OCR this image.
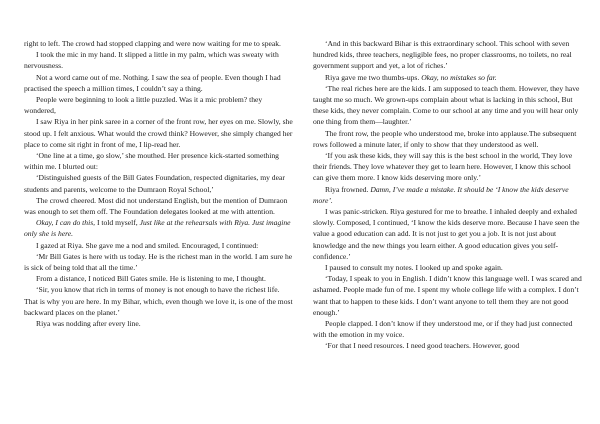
right to left. The crowd had stopped clapping and were now waiting for me to speak.

I took the mic in my hand. It slipped a little in my palm, which was sweaty with nervousness.

Not a word came out of me. Nothing. I saw the sea of people. Even though I had practised the speech a million times, I couldn’t say a thing.

People were beginning to look a little puzzled. Was it a mic problem? they wondered,

I saw Riya in her pink saree in a corner of the front row, her eyes on me. Slowly, she stood up. I felt anxious. What would the crowd think? However, she simply changed her place to come sit right in front of me, I lip-read her.

‘One line at a time, go slow,’ she mouthed. Her presence kick-started something within me. I blurted out:

‘Distinguished guests of the Bill Gates Foundation, respected dignitaries, my dear students and parents, welcome to the Dumraon Royal School,’

The crowd cheered. Most did not understand English, but the mention of Dumraon was enough to set them off. The Foundation delegates looked at me with attention.

Okay, I can do this, I told myself, Just like at the rehearsals with Riya. Just imagine only she is here.

I gazed at Riya. She gave me a nod and smiled. Encouraged, I continued:

‘Mr Bill Gates is here with us today. He is the richest man in the world. I am sure he is sick of being told that all the time.’

From a distance, I noticed Bill Gates smile. He is listening to me, I thought.

‘Sir, you know that rich in terms of money is not enough to have the richest life. That is why you are here. In my Bihar, which, even though we love it, is one of the most backward places on the planet.’

Riya was nodding after every line.

‘And in this backward Bihar is this extraordinary school. This school with seven hundred kids, three teachers, negligible fees, no proper classrooms, no toilets, no real government support and yet, a lot of riches.’

Riya gave me two thumbs-ups. Okay, no mistakes so far.

‘The real riches here are the kids. I am supposed to teach them. However, they have taught me so much. We grown-ups complain about what is lacking in this school, But these kids, they never complain. Come to our school at any time and you will hear only one thing from them—laughter.’

The front row, the people who understood me, broke into applause.The subsequent rows followed a minute later, if only to show that they understood as well.

‘If you ask these kids, they will say this is the best school in the world, They love their friends. They love whatever they get to learn here. However, I know this school can give them more. I know kids deserving more only.’

Riya frowned. Damn, I’ve made a mistake. It should be ‘I know the kids deserve more’.

I was panic-stricken. Riya gestured for me to breathe. I inhaled deeply and exhaled slowly. Composed, I continued, ‘I know the kids deserve more. Because I have seen the value a good education can add. It is not just to get you a job. It is not just about knowledge and the new things you learn either. A good education gives you self-confidence.’

I paused to consult my notes. I looked up and spoke again.

‘Today, I speak to you in English. I didn’t know this language well. I was scared and ashamed. People made fun of me. I spent my whole college life with a complex. I don’t want that to happen to these kids. I don’t want anyone to tell them they are not good enough.’

People clapped. I don’t know if they understood me, or if they had just connected with the emotion in my voice.

‘For that I need resources. I need good teachers. However, good
